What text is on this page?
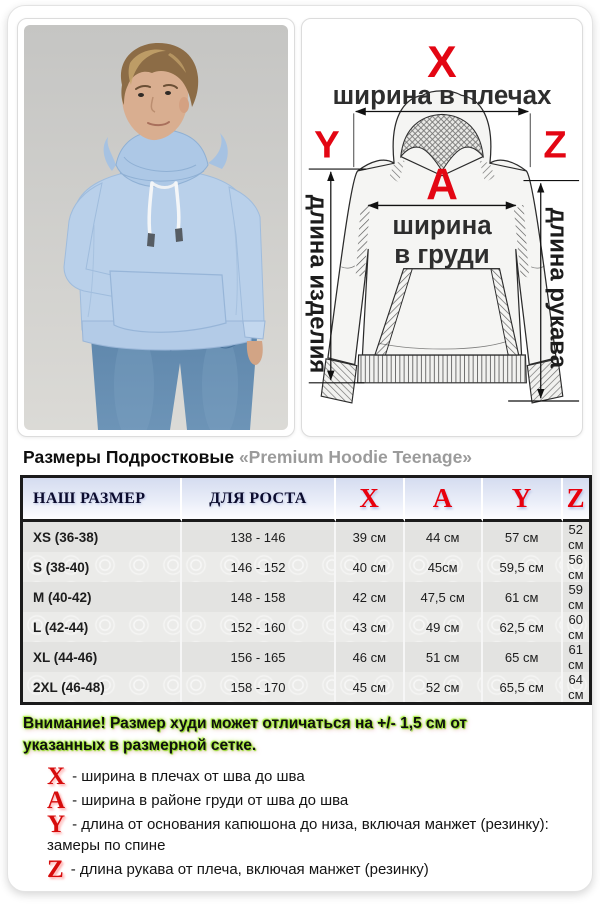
X
ширина в плечах
Y	Z
A
ширина
в груди
длина изделия	длина рукава
Размеры Подростковые «Premium Hoodie Teenage»
НАШ РАЗМЕР	ДЛЯ РОСТА	X	A	Y	Z
XS (36-38)	138 - 146	39 см	44 см	57 см	52 см
S (38-40)	146 - 152	40 см	45см	59,5 см	56 см
M (40-42)	148 - 158	42 см	47,5 см	61 см	59 см
L (42-44)	152 - 160	43 см	49 см	62,5 см	60 см
XL (44-46)	156 - 165	46 см	51 см	65 см	61 см
2XL (46-48)	158 - 170	45 см	52 см	65,5 см	64 см
Внимание! Размер худи может отличаться на +/- 1,5 см от
указанных в размерной сетке.
X - ширина в плечах от шва до шва
A - ширина в районе груди от шва до шва
Y - длина от основания капюшона до низа, включая манжет (резинку): замеры по спине
Z - длина рукава от плеча, включая манжет (резинку)
